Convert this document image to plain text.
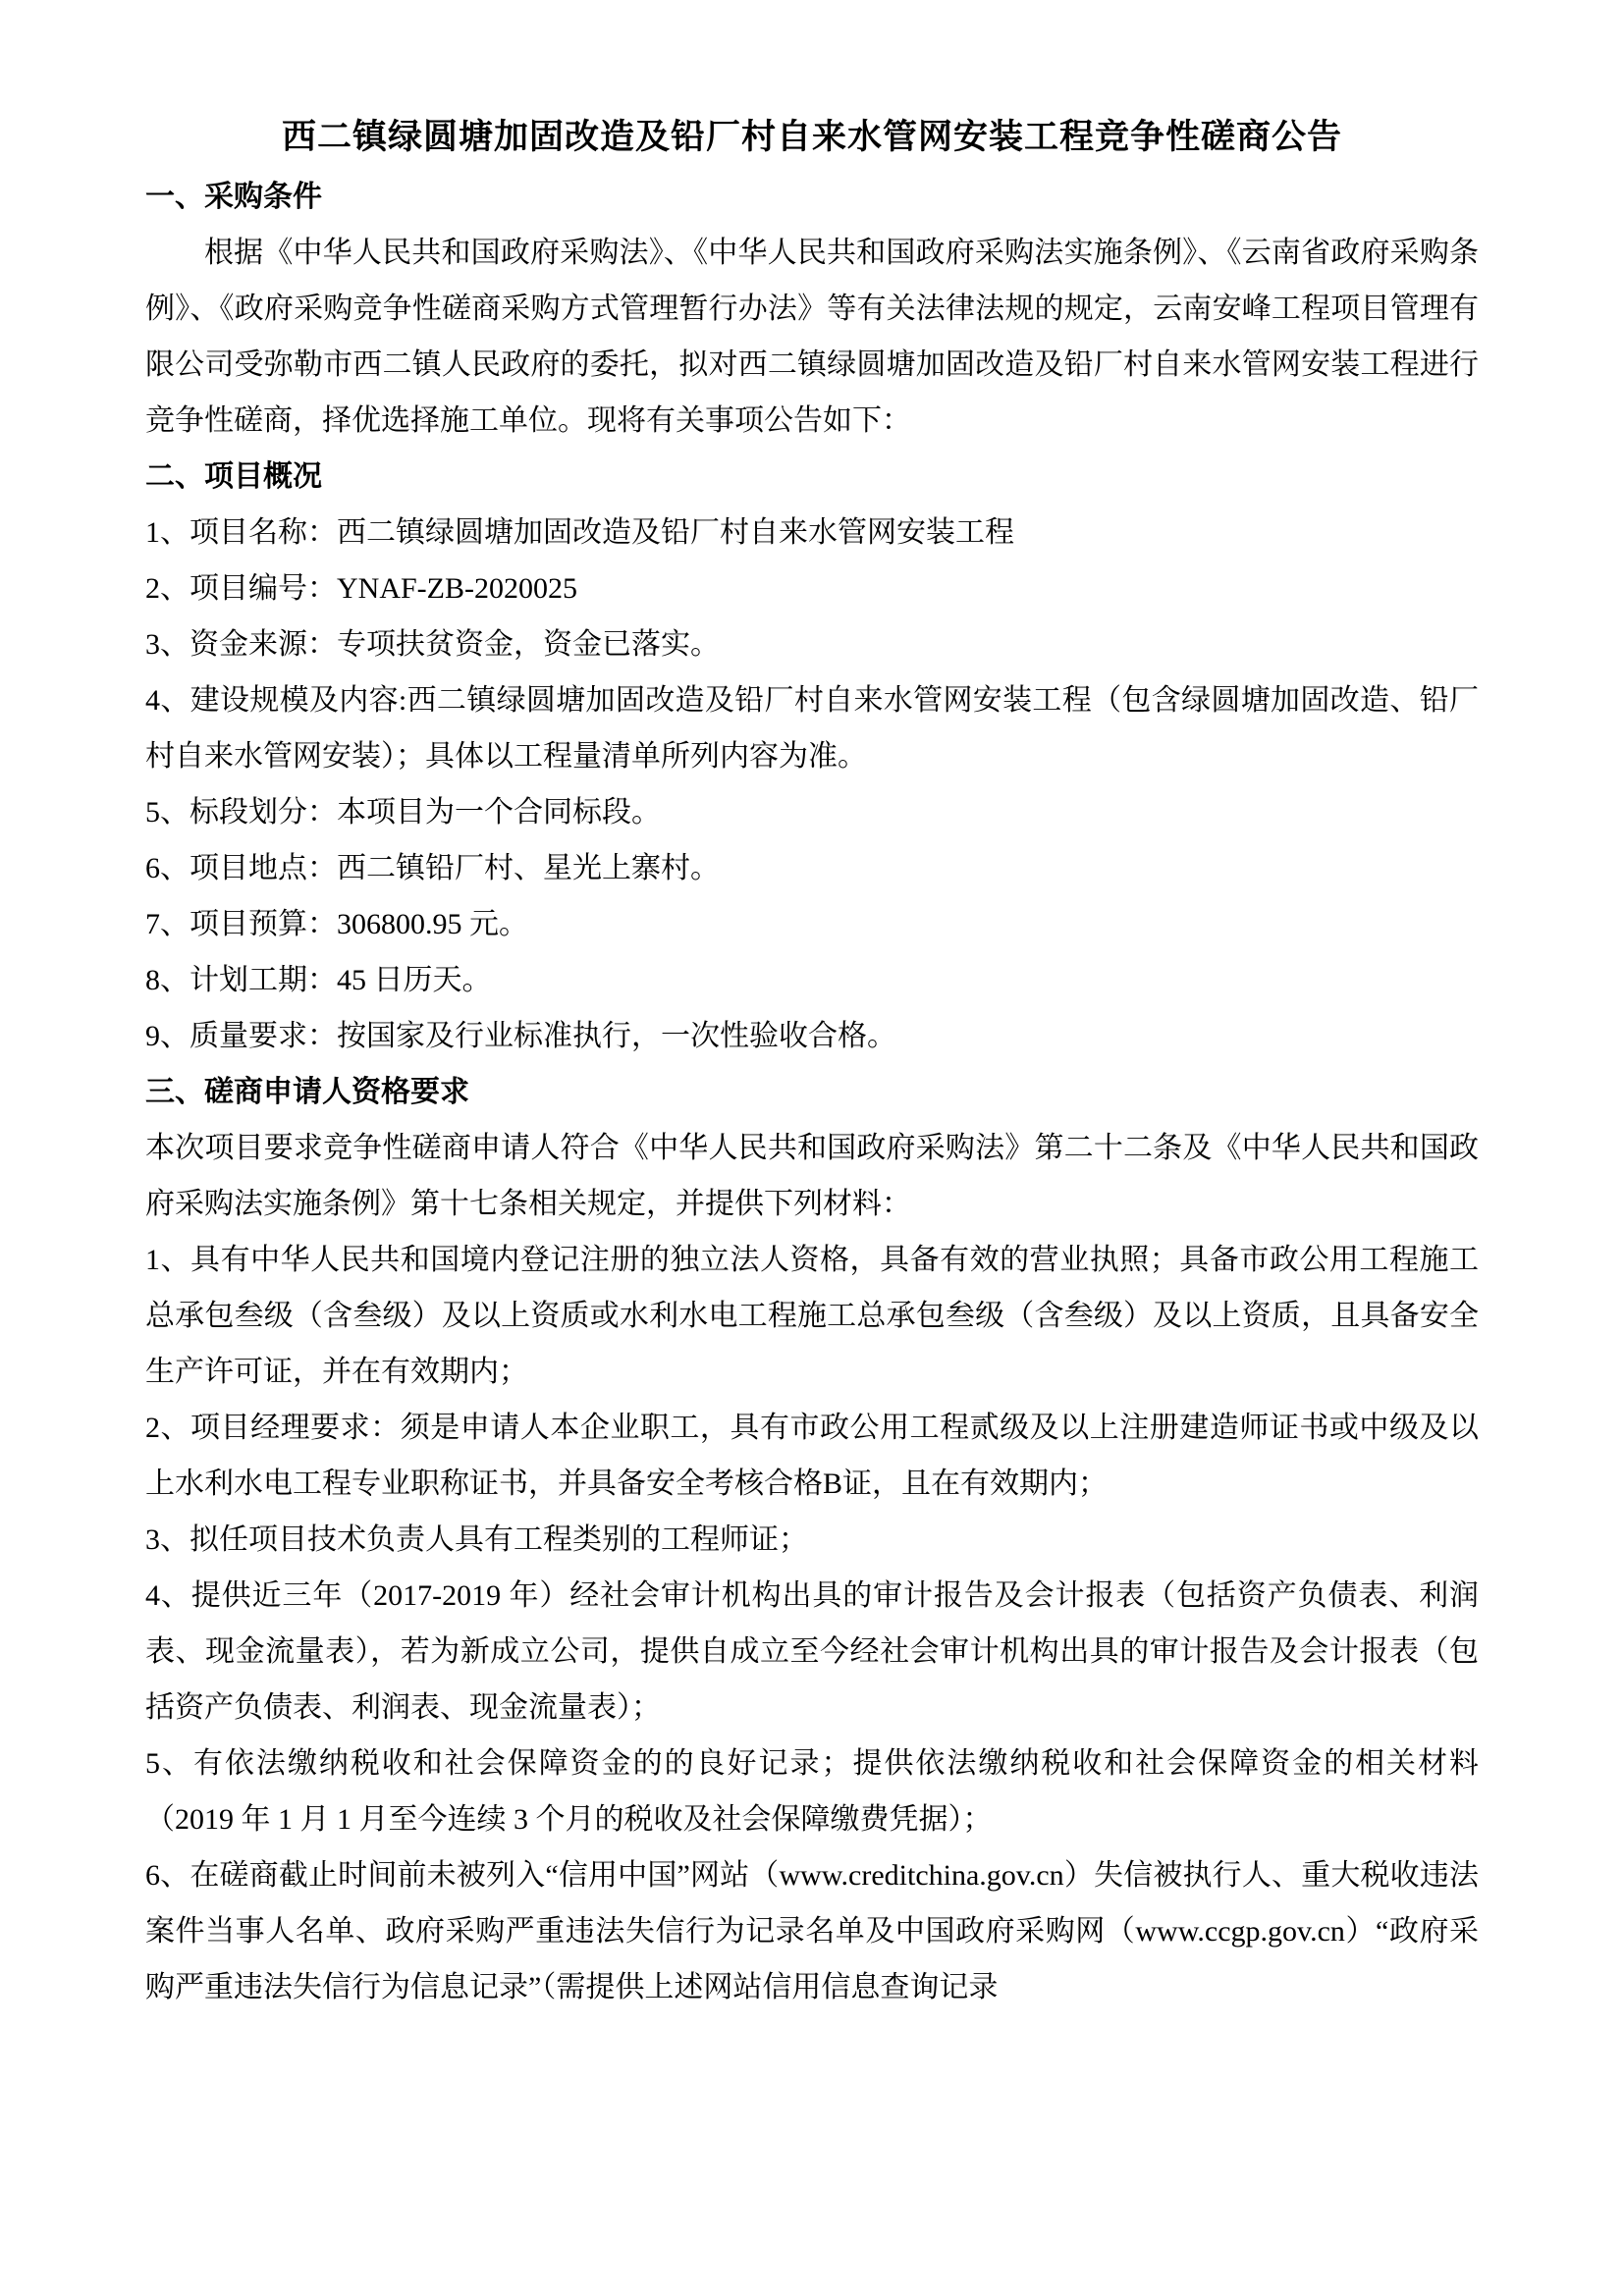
西二镇绿圆塘加固改造及铅厂村自来水管网安装工程竞争性磋商公告
一、采购条件

根据《中华人民共和国政府采购法》、《中华人民共和国政府采购法实施条例》、《云南省政府采购条例》、《政府采购竞争性磋商采购方式管理暂行办法》等有关法律法规的规定，云南安峰工程项目管理有限公司受弥勒市西二镇人民政府的委托，拟对西二镇绿圆塘加固改造及铅厂村自来水管网安装工程进行竞争性磋商，择优选择施工单位。现将有关事项公告如下：

二、项目概况

1、项目名称：西二镇绿圆塘加固改造及铅厂村自来水管网安装工程

2、项目编号：YNAF-ZB-2020025

3、资金来源：专项扶贫资金，资金已落实。

4、建设规模及内容:西二镇绿圆塘加固改造及铅厂村自来水管网安装工程（包含绿圆塘加固改造、铅厂村自来水管网安装）；具体以工程量清单所列内容为准。

5、标段划分：本项目为一个合同标段。

6、项目地点：西二镇铅厂村、星光上寨村。

7、项目预算：306800.95 元。

8、计划工期：45 日历天。

9、质量要求：按国家及行业标准执行，一次性验收合格。

三、磋商申请人资格要求

本次项目要求竞争性磋商申请人符合《中华人民共和国政府采购法》第二十二条及《中华人民共和国政府采购法实施条例》第十七条相关规定，并提供下列材料：

1、具有中华人民共和国境内登记注册的独立法人资格，具备有效的营业执照；具备市政公用工程施工总承包叁级（含叁级）及以上资质或水利水电工程施工总承包叁级（含叁级）及以上资质，且具备安全生产许可证，并在有效期内；

2、项目经理要求：须是申请人本企业职工，具有市政公用工程贰级及以上注册建造师证书或中级及以上水利水电工程专业职称证书，并具备安全考核合格B证，且在有效期内；

3、拟任项目技术负责人具有工程类别的工程师证；

4、提供近三年（2017-2019 年）经社会审计机构出具的审计报告及会计报表（包括资产负债表、利润表、现金流量表），若为新成立公司，提供自成立至今经社会审计机构出具的审计报告及会计报表（包括资产负债表、利润表、现金流量表）；

5、有依法缴纳税收和社会保障资金的的良好记录；提供依法缴纳税收和社会保障资金的相关材料（2019 年 1 月 1 月至今连续 3 个月的税收及社会保障缴费凭据）；

6、在磋商截止时间前未被列入“信用中国”网站（www.creditchina.gov.cn）失信被执行人、重大税收违法案件当事人名单、政府采购严重违法失信行为记录名单及中国政府采购网（www.ccgp.gov.cn）“政府采购严重违法失信行为信息记录”（需提供上述网站信用信息查询记录
